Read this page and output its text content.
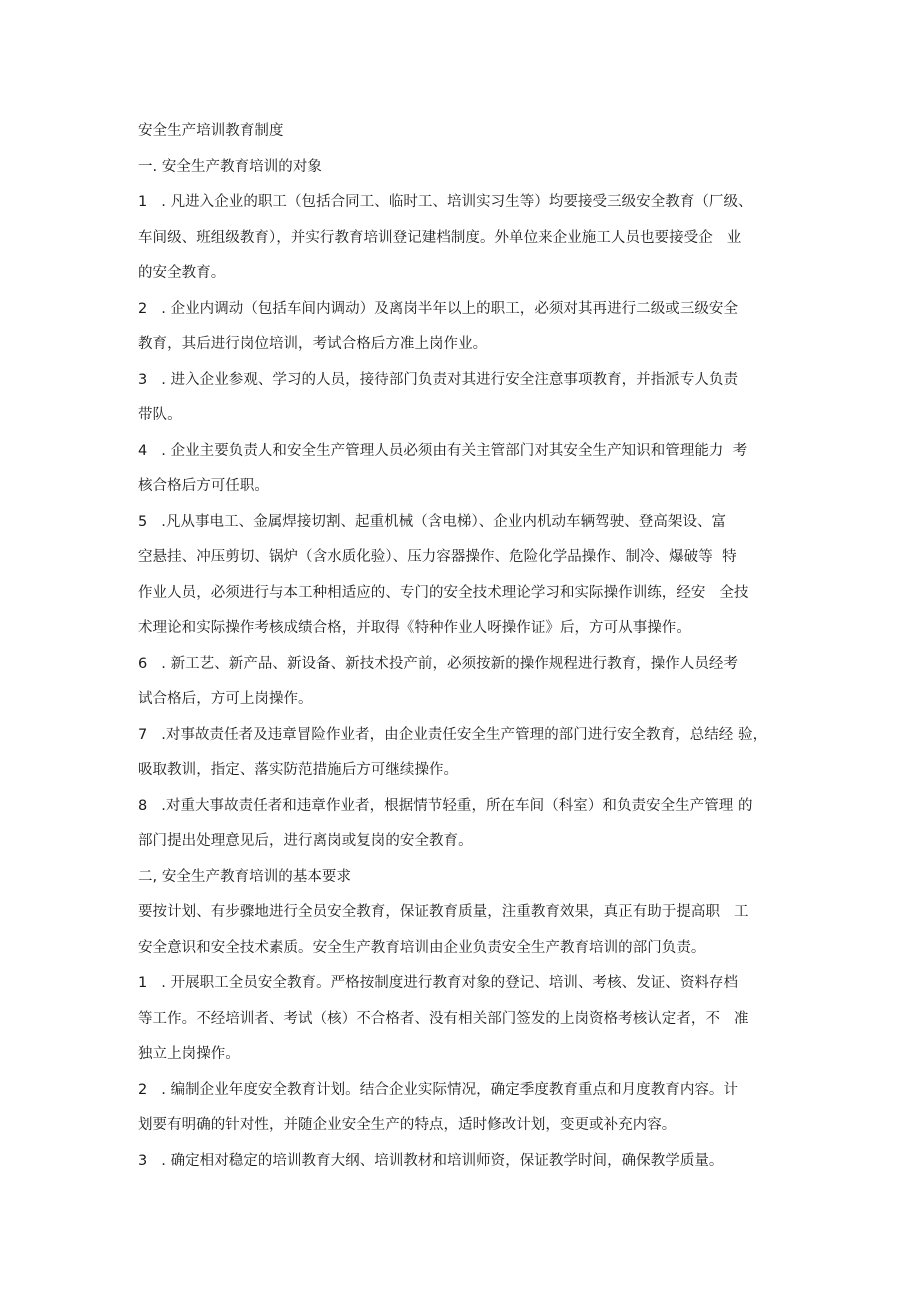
安全生产培训教育制度

一. 安全生产教育培训的对象

1   . 凡进入企业的职工（包括合同工、临时工、培训实习生等）均要接受三级安全教育（厂级、

车间级、班组级教育），并实行教育培训登记建档制度。外单位来企业施工人员也要接受企   业

的安全教育。

2   . 企业内调动（包括车间内调动）及离岗半年以上的职工，必须对其再进行二级或三级安全

教育，其后进行岗位培训，考试合格后方准上岗作业。

3   . 进入企业参观、学习的人员，接待部门负责对其进行安全注意事项教育，并指派专人负责

带队。

4   . 企业主要负责人和安全生产管理人员必须由有关主管部门对其安全生产知识和管理能力  考

核合格后方可任职。

5   .凡从事电工、金属焊接切割、起重机械（含电梯）、企业内机动车辆驾驶、登高架设、富

空悬挂、冲压剪切、锅炉（含水质化验）、压力容器操作、危险化学品操作、制冷、爆破等  特

作业人员，必须进行与本工种相适应的、专门的安全技术理论学习和实际操作训练，经安   全技

术理论和实际操作考核成绩合格，并取得《特种作业人呀操作证》后，方可从事操作。

6   . 新工艺、新产品、新设备、新技术投产前，必须按新的操作规程进行教育，操作人员经考

试合格后，方可上岗操作。

7   .对事故责任者及违章冒险作业者，由企业责任安全生产管理的部门进行安全教育，总结经 验，

吸取教训，指定、落实防范措施后方可继续操作。

8   .对重大事故责任者和违章作业者，根据情节轻重，所在车间（科室）和负责安全生产管理 的

部门提出处理意见后，进行离岗或复岗的安全教育。

二, 安全生产教育培训的基本要求

要按计划、有步骤地进行全员安全教育，保证教育质量，注重教育效果，真正有助于提高职   工

安全意识和安全技术素质。安全生产教育培训由企业负责安全生产教育培训的部门负责。

1   . 开展职工全员安全教育。严格按制度进行教育对象的登记、培训、考核、发证、资料存档

等工作。不经培训者、考试（核）不合格者、没有相关部门签发的上岗资格考核认定者，不   准

独立上岗操作。

2   . 编制企业年度安全教育计划。结合企业实际情况，确定季度教育重点和月度教育内容。计

划要有明确的针对性，并随企业安全生产的特点，适时修改计划，变更或补充内容。

3   . 确定相对稳定的培训教育大纲、培训教材和培训师资，保证教学时间，确保教学质量。
